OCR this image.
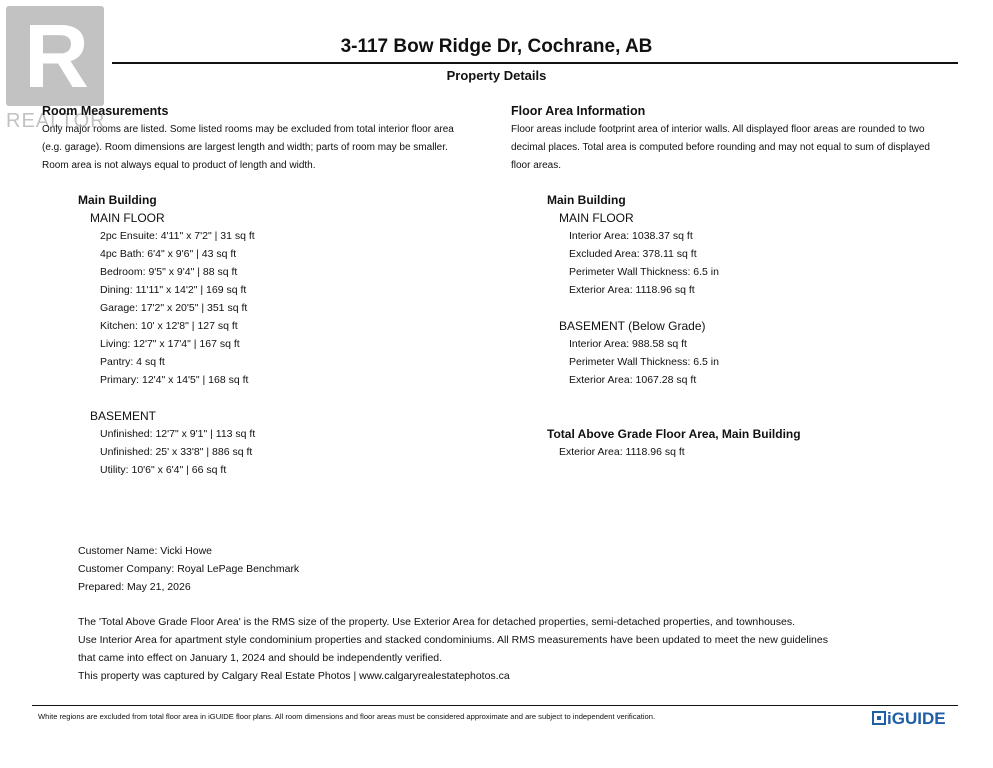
R
REALTOR
3-117 Bow Ridge Dr, Cochrane, AB
Property Details
Room Measurements
Only major rooms are listed. Some listed rooms may be excluded from total interior floor area
(e.g. garage). Room dimensions are largest length and width; parts of room may be smaller.
Room area is not always equal to product of length and width.
Main Building
MAIN FLOOR
2pc Ensuite: 4'11" x 7'2" | 31 sq ft
4pc Bath: 6'4" x 9'6" | 43 sq ft
Bedroom: 9'5" x 9'4" | 88 sq ft
Dining: 11'11" x 14'2" | 169 sq ft
Garage: 17'2" x 20'5" | 351 sq ft
Kitchen: 10' x 12'8" | 127 sq ft
Living: 12'7" x 17'4" | 167 sq ft
Pantry: 4 sq ft
Primary: 12'4" x 14'5" | 168 sq ft
BASEMENT
Unfinished: 12'7" x 9'1" | 113 sq ft
Unfinished: 25' x 33'8" | 886 sq ft
Utility: 10'6" x 6'4" | 66 sq ft
Floor Area Information
Floor areas include footprint area of interior walls. All displayed floor areas are rounded to two
decimal places. Total area is computed before rounding and may not equal to sum of displayed
floor areas.
Main Building
MAIN FLOOR
Interior Area: 1038.37 sq ft
Excluded Area: 378.11 sq ft
Perimeter Wall Thickness: 6.5 in
Exterior Area: 1118.96 sq ft
BASEMENT (Below Grade)
Interior Area: 988.58 sq ft
Perimeter Wall Thickness: 6.5 in
Exterior Area: 1067.28 sq ft
Total Above Grade Floor Area, Main Building
Exterior Area: 1118.96 sq ft
Customer Name: Vicki Howe
Customer Company: Royal LePage Benchmark
Prepared: May 21, 2026
The 'Total Above Grade Floor Area' is the RMS size of the property. Use Exterior Area for detached properties, semi-detached properties, and townhouses.
Use Interior Area for apartment style condominium properties and stacked condominiums. All RMS measurements have been updated to meet the new guidelines
that came into effect on January 1, 2024 and should be independently verified.
This property was captured by Calgary Real Estate Photos | www.calgaryrealestatephotos.ca
White regions are excluded from total floor area in iGUIDE floor plans. All room dimensions and floor areas must be considered approximate and are subject to independent verification.	iGUIDE
